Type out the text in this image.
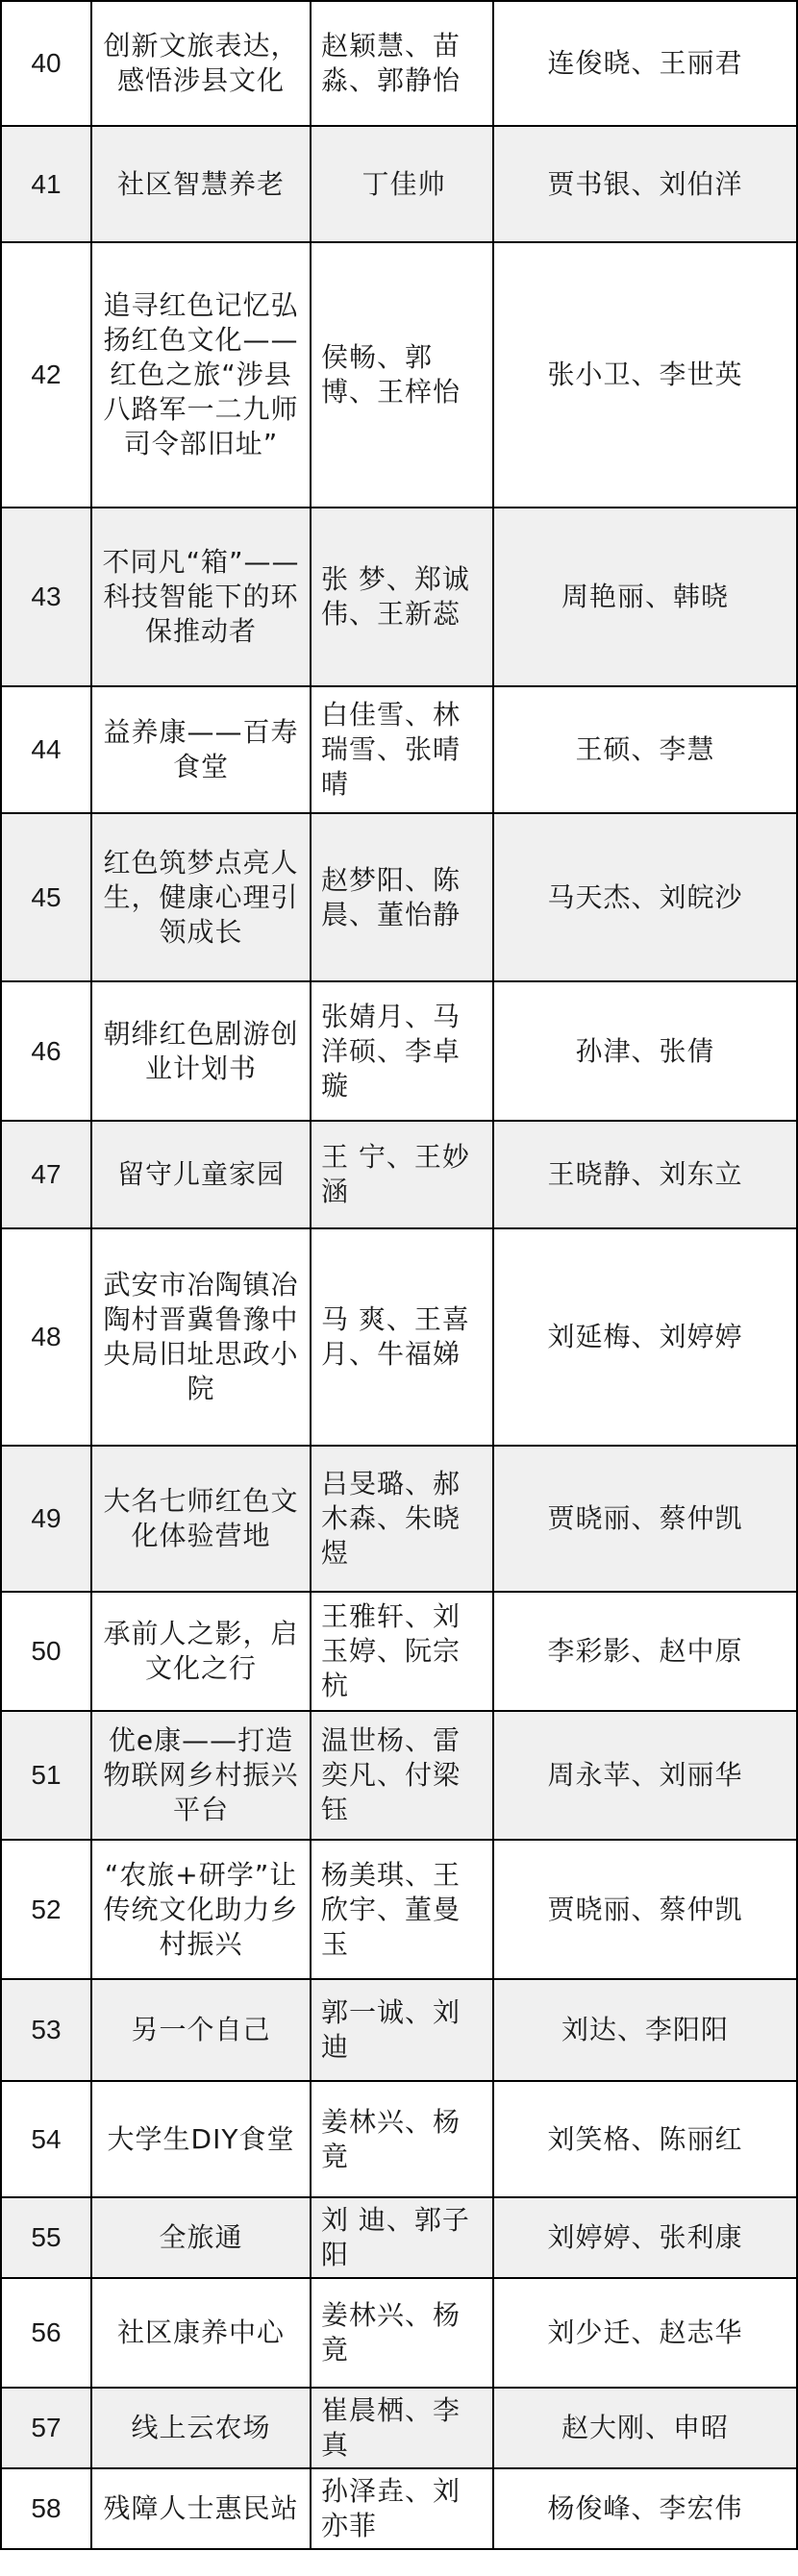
40	创新文旅表达，感悟涉县文化	赵颖慧、苗淼、郭静怡	连俊晓、王丽君
41	社区智慧养老	丁佳帅	贾书银、刘伯洋
42	追寻红色记忆弘扬红色文化——红色之旅“涉县八路军一二九师司令部旧址”	侯畅、郭博、王梓怡	张小卫、李世英
43	不同凡“箱”——科技智能下的环保推动者	张 梦、郑诚伟、王新蕊	周艳丽、韩晓
44	益养康——百寿食堂	白佳雪、林瑞雪、张晴晴	王硕、李慧
45	红色筑梦点亮人生，健康心理引领成长	赵梦阳、陈晨、董怡静	马天杰、刘皖沙
46	朝绯红色剧游创业计划书	张婧月、马洋硕、李卓璇	孙津、张倩
47	留守儿童家园	王 宁、王妙涵	王晓静、刘东立
48	武安市冶陶镇冶陶村晋冀鲁豫中央局旧址思政小院	马 爽、王喜月、牛福娣	刘延梅、刘婷婷
49	大名七师红色文化体验营地	吕旻璐、郝木森、朱晓煜	贾晓丽、蔡仲凯
50	承前人之影，启文化之行	王雅轩、刘玉婷、阮宗杭	李彩影、赵中原
51	优e康——打造物联网乡村振兴平台	温世杨、雷奕凡、付梁钰	周永苹、刘丽华
52	“农旅+研学”让传统文化助力乡村振兴	杨美琪、王欣宇、董曼玉	贾晓丽、蔡仲凯
53	另一个自己	郭一诚、刘迪	刘达、李阳阳
54	大学生DIY食堂	姜林兴、杨竟	刘笑格、陈丽红
55	全旅通	刘 迪、郭子阳	刘婷婷、张利康
56	社区康养中心	姜林兴、杨竟	刘少迁、赵志华
57	线上云农场	崔晨栖、李真	赵大刚、申昭
58	残障人士惠民站	孙泽垚、刘亦菲	杨俊峰、李宏伟
